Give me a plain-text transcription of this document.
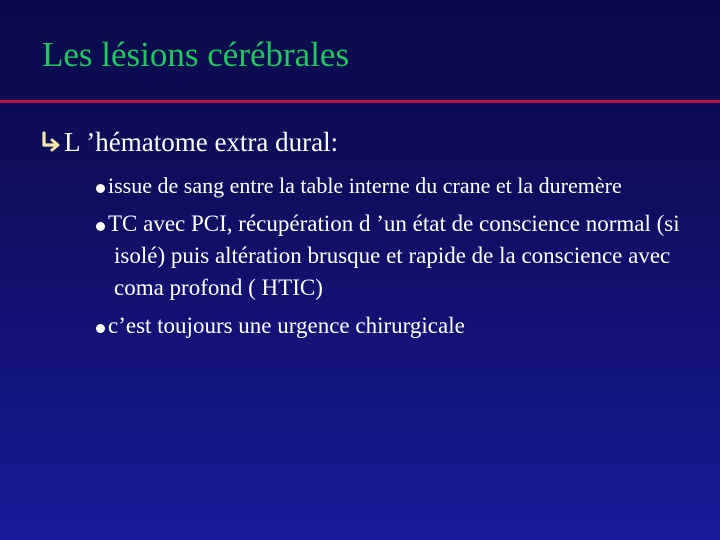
Les lésions cérébrales
L ’hématome extra dural:
issue de sang entre la table interne du crane et la duremère
TC avec PCI, récupération d ’un état de conscience normal (si isolé) puis altération brusque et rapide de la conscience avec coma profond ( HTIC)
c’est toujours une urgence chirurgicale
